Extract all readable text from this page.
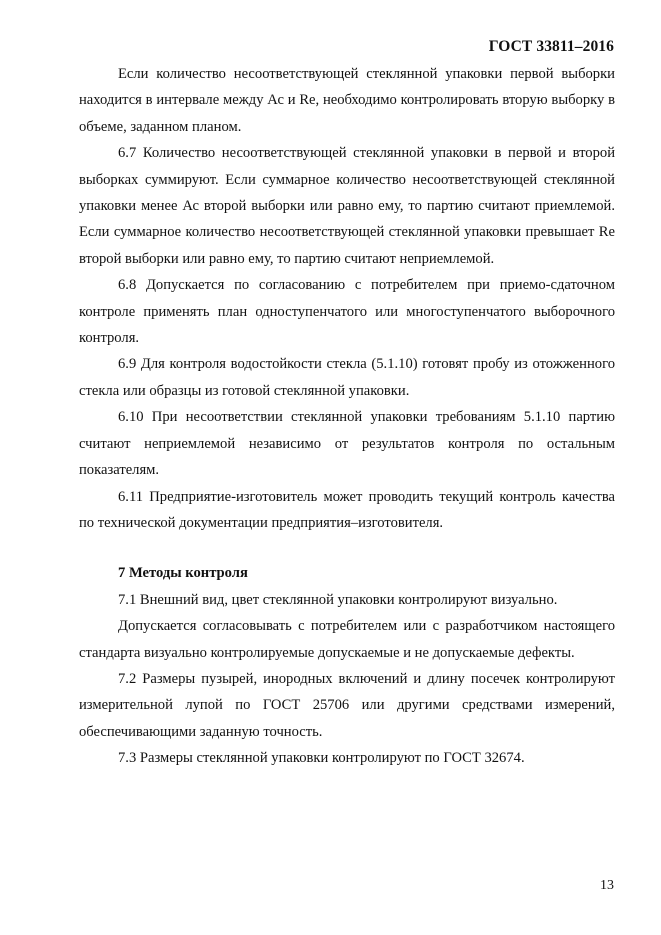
ГОСТ 33811–2016

Если количество несоответствующей стеклянной упаковки первой выборки находится в интервале между Ас и Re, необходимо контролировать вторую выборку в объеме, заданном планом.

6.7 Количество несоответствующей стеклянной упаковки в первой и второй выборках суммируют. Если суммарное количество несоответствующей стеклянной упаковки менее Ас второй выборки или равно ему, то партию считают приемлемой. Если суммарное количество несоответствующей стеклянной упаковки превышает Re второй выборки или равно ему, то партию считают неприемлемой.

6.8 Допускается по согласованию с потребителем при приемо-сдаточном контроле применять план одноступенчатого или многоступенчатого выборочного контроля.

6.9 Для контроля водостойкости стекла (5.1.10) готовят пробу из отожженного стекла или образцы из готовой стеклянной упаковки.

6.10 При несоответствии стеклянной упаковки требованиям 5.1.10 партию считают неприемлемой независимо от результатов контроля по остальным показателям.

6.11 Предприятие-изготовитель может проводить текущий контроль качества по технической документации предприятия–изготовителя.

7 Методы контроля

7.1 Внешний вид, цвет стеклянной упаковки контролируют визуально.

Допускается согласовывать с потребителем или с разработчиком настоящего стандарта визуально контролируемые допускаемые и не допускаемые дефекты.

7.2 Размеры пузырей, инородных включений и длину посечек контролируют измерительной лупой по ГОСТ 25706 или другими средствами измерений, обеспечивающими заданную точность.

7.3 Размеры стеклянной упаковки контролируют по ГОСТ 32674.

13
